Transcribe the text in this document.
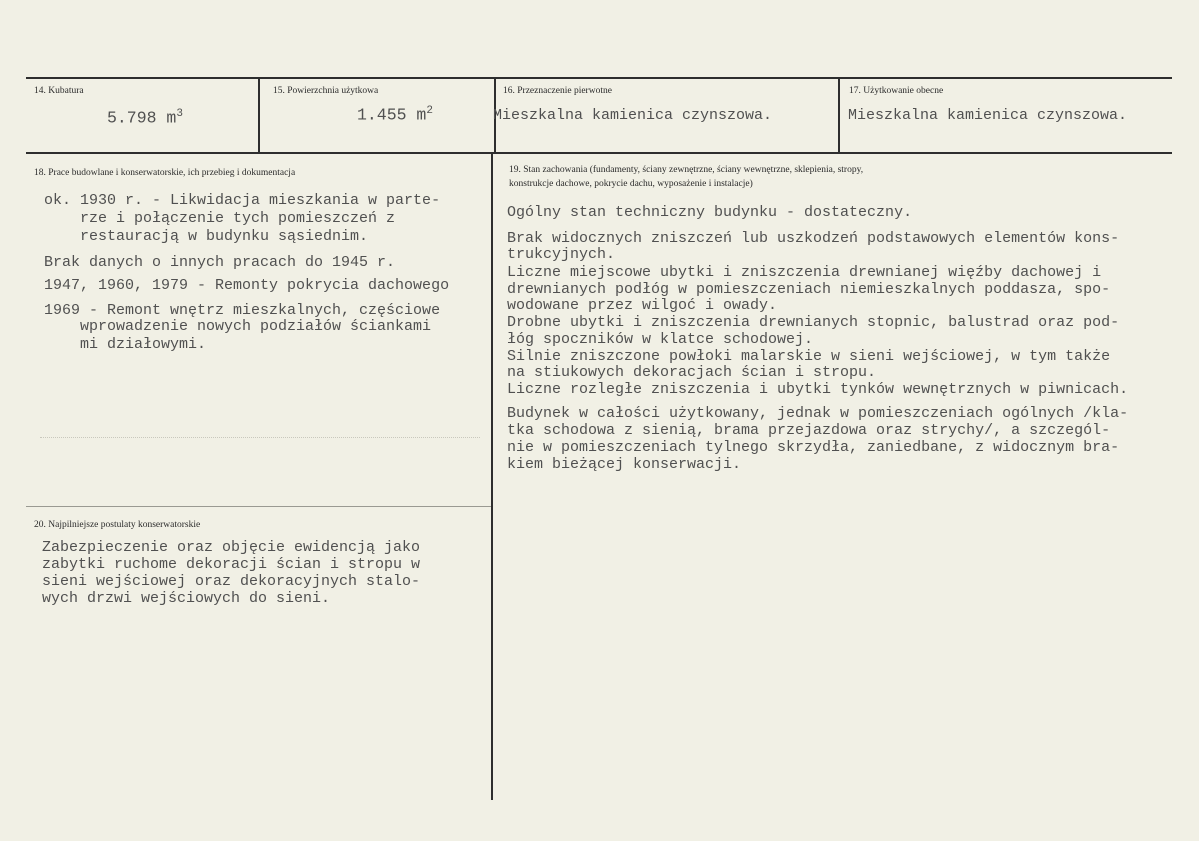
14. Kubatura
5.798 $m^3$
15. Powierzchnia użytkowa
1.455 $m^2$
16. Przeznaczenie pierwotne
Mieszkalna kamienica czynszowa.
17. Użytkowanie obecne
Mieszkalna kamienica czynszowa.
18. Prace budowlane i konserwatorskie, ich przebieg i dokumentacja
ok. 1930 r. - Likwidacja mieszkania w parte-
rze i połączenie tych pomieszczeń z
restauracją w budynku sąsiednim.
Brak danych o innych pracach do 1945 r.
1947, 1960, 1979 - Remonty pokrycia dachowego
1969 - Remont wnętrz mieszkalnych, częściowe
wprowadzenie nowych podziałów ściankami
mi działowymi.
19. Stan zachowania (fundamenty, ściany zewnętrzne, ściany wewnętrzne, sklepienia, stropy,
konstrukcje dachowe, pokrycie dachu, wyposażenie i instalacje)
Ogólny stan techniczny budynku - dostateczny.
Brak widocznych zniszczeń lub uszkodzeń podstawowych elementów kons-
trukcyjnych.
Liczne miejscowe ubytki i zniszczenia drewnianej więźby dachowej i
drewnianych podłóg w pomieszczeniach niemieszkalnych poddasza, spo-
wodowane przez wilgoć i owady.
Drobne ubytki i zniszczenia drewnianych stopnic, balustrad oraz pod-
łóg spoczników w klatce schodowej.
Silnie zniszczone powłoki malarskie w sieni wejściowej, w tym także
na stiukowych dekoracjach ścian i stropu.
Liczne rozległe zniszczenia i ubytki tynków wewnętrznych w piwnicach.
Budynek w całości użytkowany, jednak w pomieszczeniach ogólnych /kla-
tka schodowa z sienią, brama przejazdowa oraz strychy/, a szczegól-
nie w pomieszczeniach tylnego skrzydła, zaniedbane, z widocznym bra-
kiem bieżącej konserwacji.
20. Najpilniejsze postulaty konserwatorskie
Zabezpieczenie oraz objęcie ewidencją jako
zabytki ruchome dekoracji ścian i stropu w
sieni wejściowej oraz dekoracyjnych stalo-
wych drzwi wejściowych do sieni.
